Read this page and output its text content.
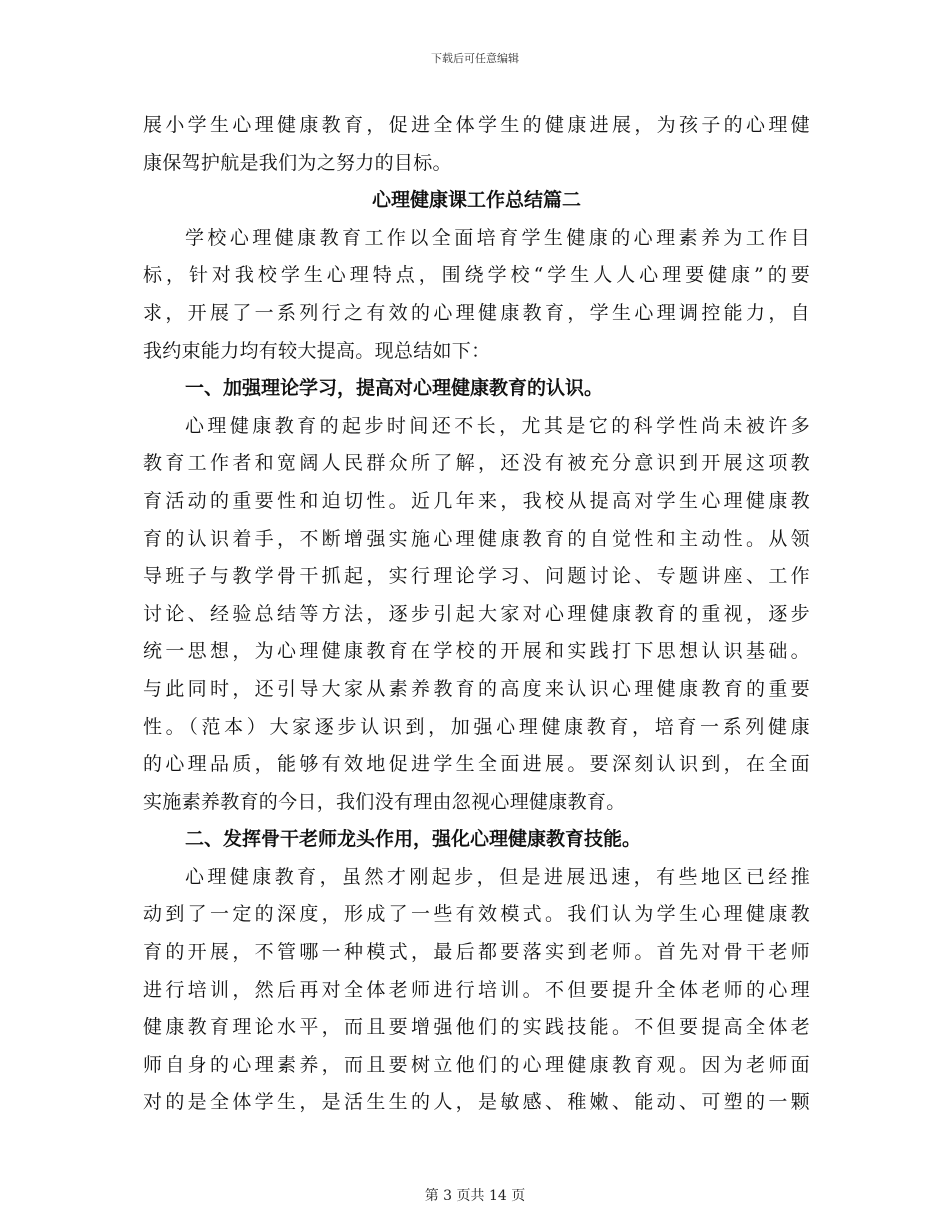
下载后可任意编辑
展小学生心理健康教育，促进全体学生的健康进展，为孩子的心理健
康保驾护航是我们为之努力的目标。
心理健康课工作总结篇二
学校心理健康教育工作以全面培育学生健康的心理素养为工作目
标，针对我校学生心理特点，围绕学校“学生人人心理要健康”的要
求，开展了一系列行之有效的心理健康教育，学生心理调控能力，自
我约束能力均有较大提高。现总结如下：
一、加强理论学习，提高对心理健康教育的认识。
心理健康教育的起步时间还不长，尤其是它的科学性尚未被许多
教育工作者和宽阔人民群众所了解，还没有被充分意识到开展这项教
育活动的重要性和迫切性。近几年来，我校从提高对学生心理健康教
育的认识着手，不断增强实施心理健康教育的自觉性和主动性。从领
导班子与教学骨干抓起，实行理论学习、问题讨论、专题讲座、工作
讨论、经验总结等方法，逐步引起大家对心理健康教育的重视，逐步
统一思想，为心理健康教育在学校的开展和实践打下思想认识基础。
与此同时，还引导大家从素养教育的高度来认识心理健康教育的重要
性。（范本）大家逐步认识到，加强心理健康教育，培育一系列健康
的心理品质，能够有效地促进学生全面进展。要深刻认识到，在全面
实施素养教育的今日，我们没有理由忽视心理健康教育。
二、发挥骨干老师龙头作用，强化心理健康教育技能。
心理健康教育，虽然才刚起步，但是进展迅速，有些地区已经推
动到了一定的深度，形成了一些有效模式。我们认为学生心理健康教
育的开展，不管哪一种模式，最后都要落实到老师。首先对骨干老师
进行培训，然后再对全体老师进行培训。不但要提升全体老师的心理
健康教育理论水平，而且要增强他们的实践技能。不但要提高全体老
师自身的心理素养，而且要树立他们的心理健康教育观。因为老师面
对的是全体学生，是活生生的人，是敏感、稚嫩、能动、可塑的一颗
第 3 页共 14 页
